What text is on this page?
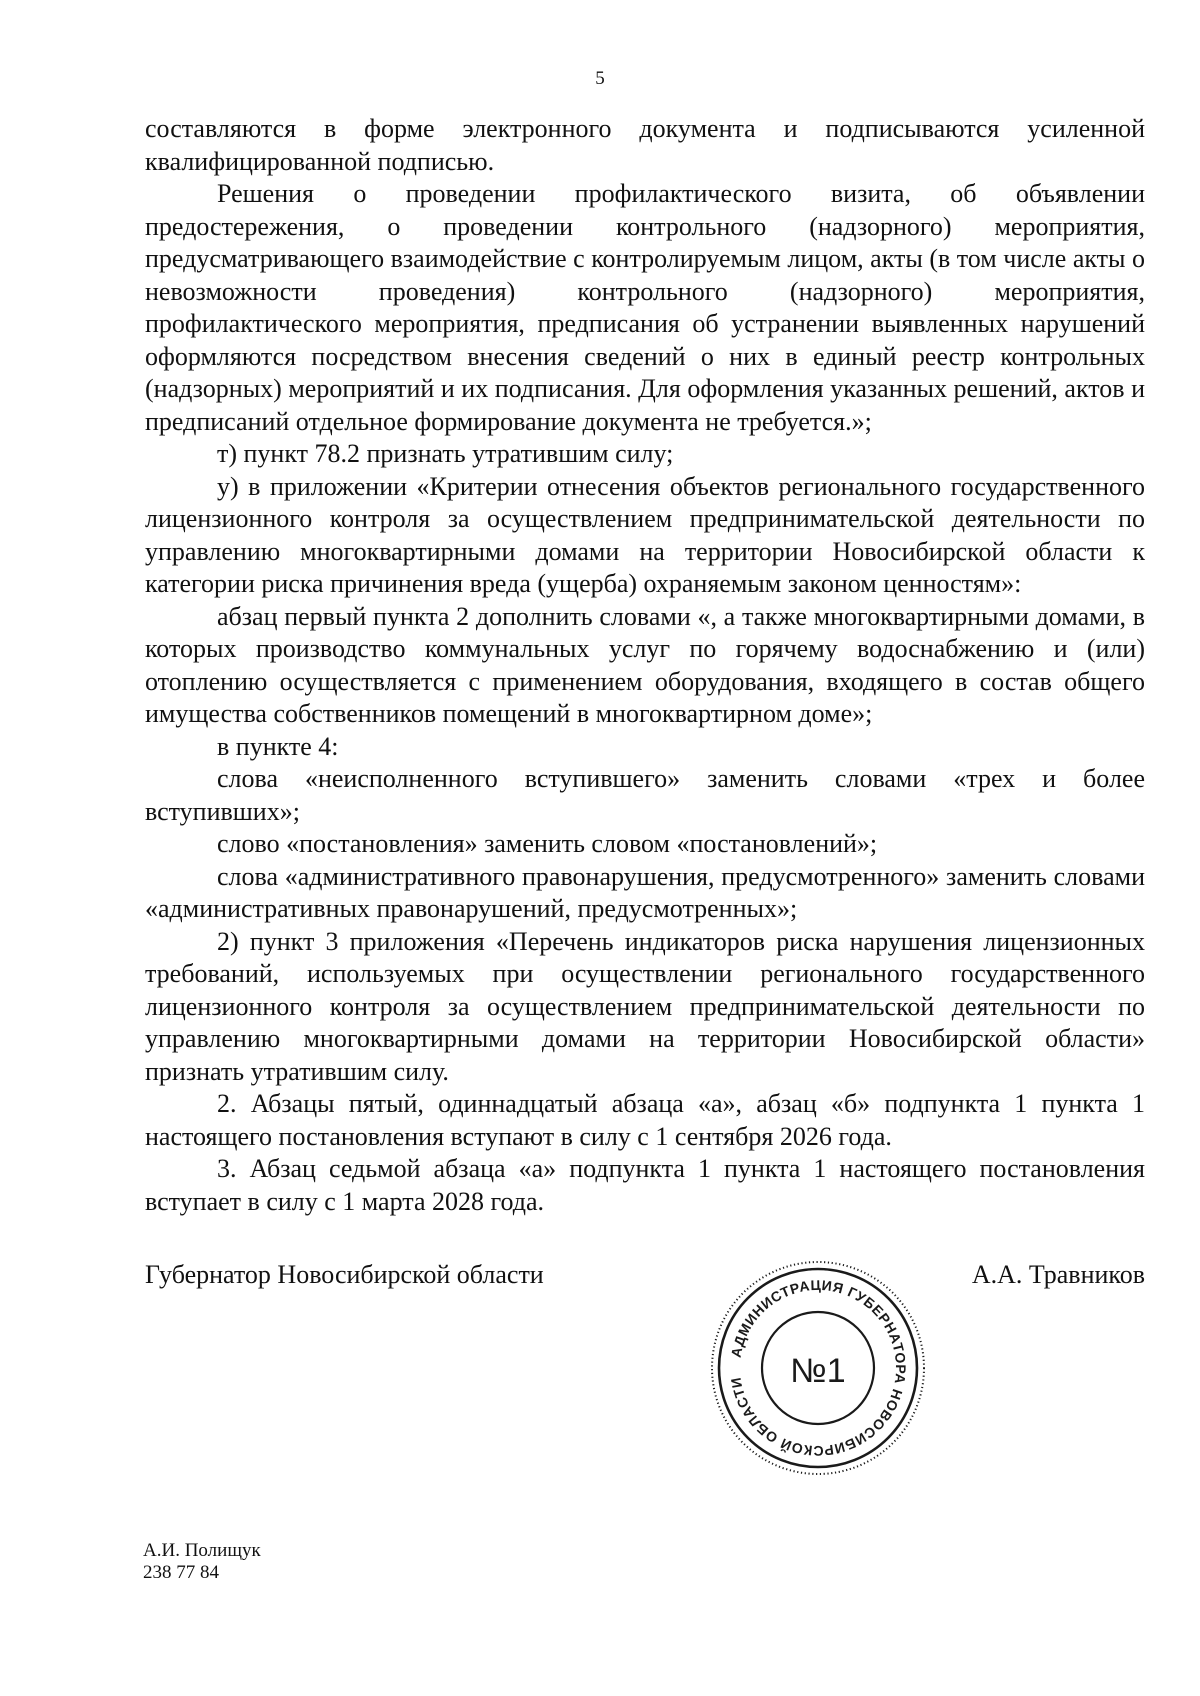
5

составляются в форме электронного документа и подписываются усиленной квалифицированной подписью.

Решения о проведении профилактического визита, об объявлении предостережения, о проведении контрольного (надзорного) мероприятия, предусматривающего взаимодействие с контролируемым лицом, акты (в том числе акты о невозможности проведения) контрольного (надзорного) мероприятия, профилактического мероприятия, предписания об устранении выявленных нарушений оформляются посредством внесения сведений о них в единый реестр контрольных (надзорных) мероприятий и их подписания. Для оформления указанных решений, актов и предписаний отдельное формирование документа не требуется.»;

т) пункт 78.2 признать утратившим силу;

у) в приложении «Критерии отнесения объектов регионального государственного лицензионного контроля за осуществлением предпринимательской деятельности по управлению многоквартирными домами на территории Новосибирской области к категории риска причинения вреда (ущерба) охраняемым законом ценностям»:

абзац первый пункта 2 дополнить словами «, а также многоквартирными домами, в которых производство коммунальных услуг по горячему водоснабжению и (или) отоплению осуществляется с применением оборудования, входящего в состав общего имущества собственников помещений в многоквартирном доме»;

в пункте 4:

слова «неисполненного вступившего» заменить словами «трех и более вступивших»;

слово «постановления» заменить словом «постановлений»;

слова «административного правонарушения, предусмотренного» заменить словами «административных правонарушений, предусмотренных»;

2) пункт 3 приложения «Перечень индикаторов риска нарушения лицензионных требований, используемых при осуществлении регионального государственного лицензионного контроля за осуществлением предпринимательской деятельности по управлению многоквартирными домами на территории Новосибирской области» признать утратившим силу.

2. Абзацы пятый, одиннадцатый абзаца «а», абзац «б» подпункта 1 пункта 1 настоящего постановления вступают в силу с 1 сентября 2026 года.

3. Абзац седьмой абзаца «а» подпункта 1 пункта 1 настоящего постановления вступает в силу с 1 марта 2028 года.

Губернатор Новосибирской области	А.А. Травников
АДМИНИСТРАЦИЯ ГУБЕРНАТОРА НОВОСИБИРСКОЙ ОБЛАСТИ	№1
А.И. Полищук
238 77 84
